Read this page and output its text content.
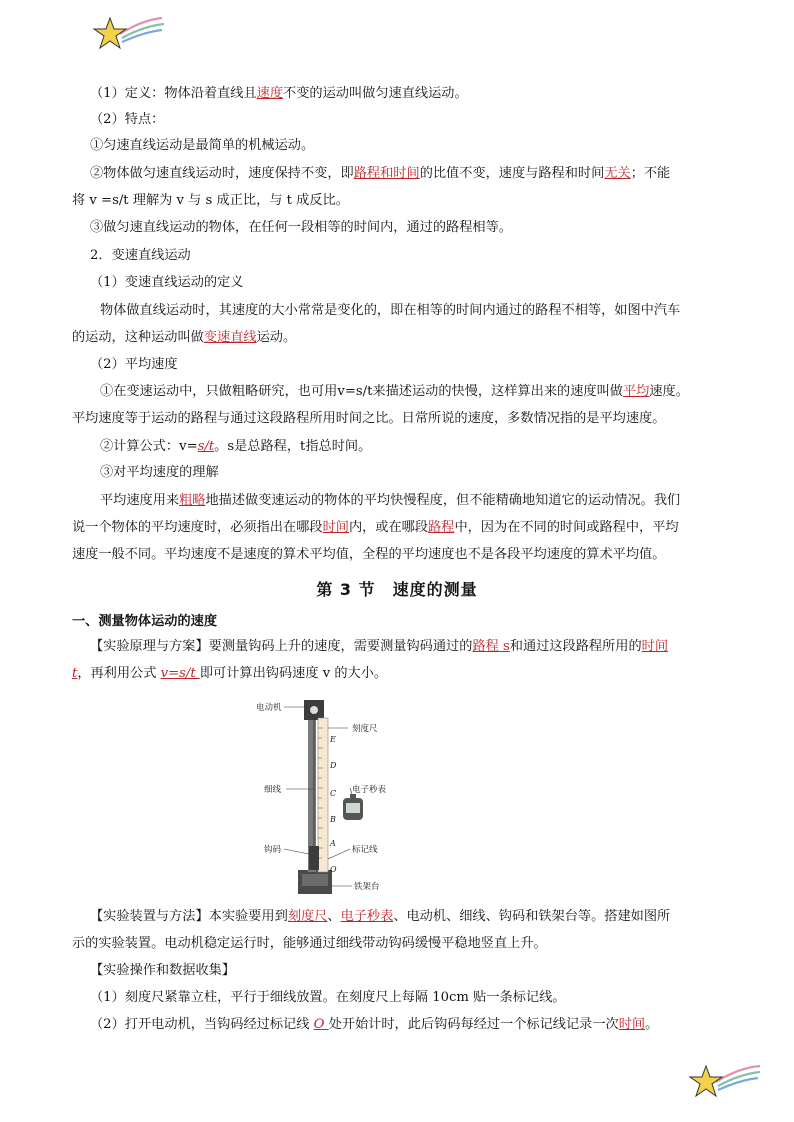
（1）定义：物体沿着直线且速度不变的运动叫做匀速直线运动。
（2）特点：
①匀速直线运动是最简单的机械运动。
②物体做匀速直线运动时，速度保持不变，即路程和时间的比值不变，速度与路程和时间无关；不能
将 v =s/t 理解为 v 与 s 成正比，与 t 成反比。
③做匀速直线运动的物体，在任何一段相等的时间内，通过的路程相等。
2．变速直线运动
（1）变速直线运动的定义
物体做直线运动时，其速度的大小常常是变化的，即在相等的时间内通过的路程不相等，如图中汽车
的运动，这种运动叫做变速直线运动。
（2）平均速度
①在变速运动中，只做粗略研究，也可用v=s/t来描述运动的快慢，这样算出来的速度叫做平均速度。
平均速度等于运动的路程与通过这段路程所用时间之比。日常所说的速度，多数情况指的是平均速度。
②计算公式：v=s/t。s是总路程，t指总时间。
③对平均速度的理解
平均速度用来粗略地描述做变速运动的物体的平均快慢程度，但不能精确地知道它的运动情况。我们
说一个物体的平均速度时，必须指出在哪段时间内，或在哪段路程中，因为在不同的时间或路程中，平均
速度一般不同。平均速度不是速度的算术平均值，全程的平均速度也不是各段平均速度的算术平均值。
第 3 节　速度的测量
一、测量物体运动的速度
【实验原理与方案】要测量钩码上升的速度，需要测量钩码通过的路程 s和通过这段路程所用的时间
t，再利用公式 v=s/t 即可计算出钩码速度 v 的大小。
E
D
C
B
A
O
电动机
刻度尺
细线	电子秒表
钩码	标记线
铁架台
【实验装置与方法】本实验要用到刻度尺、电子秒表、电动机、细线、钩码和铁架台等。搭建如图所
示的实验装置。电动机稳定运行时，能够通过细线带动钩码缓慢平稳地竖直上升。
【实验操作和数据收集】
（1）刻度尺紧靠立柱，平行于细线放置。在刻度尺上每隔 10cm 贴一条标记线。
（2）打开电动机，当钩码经过标记线 O 处开始计时，此后钩码每经过一个标记线记录一次时间。
